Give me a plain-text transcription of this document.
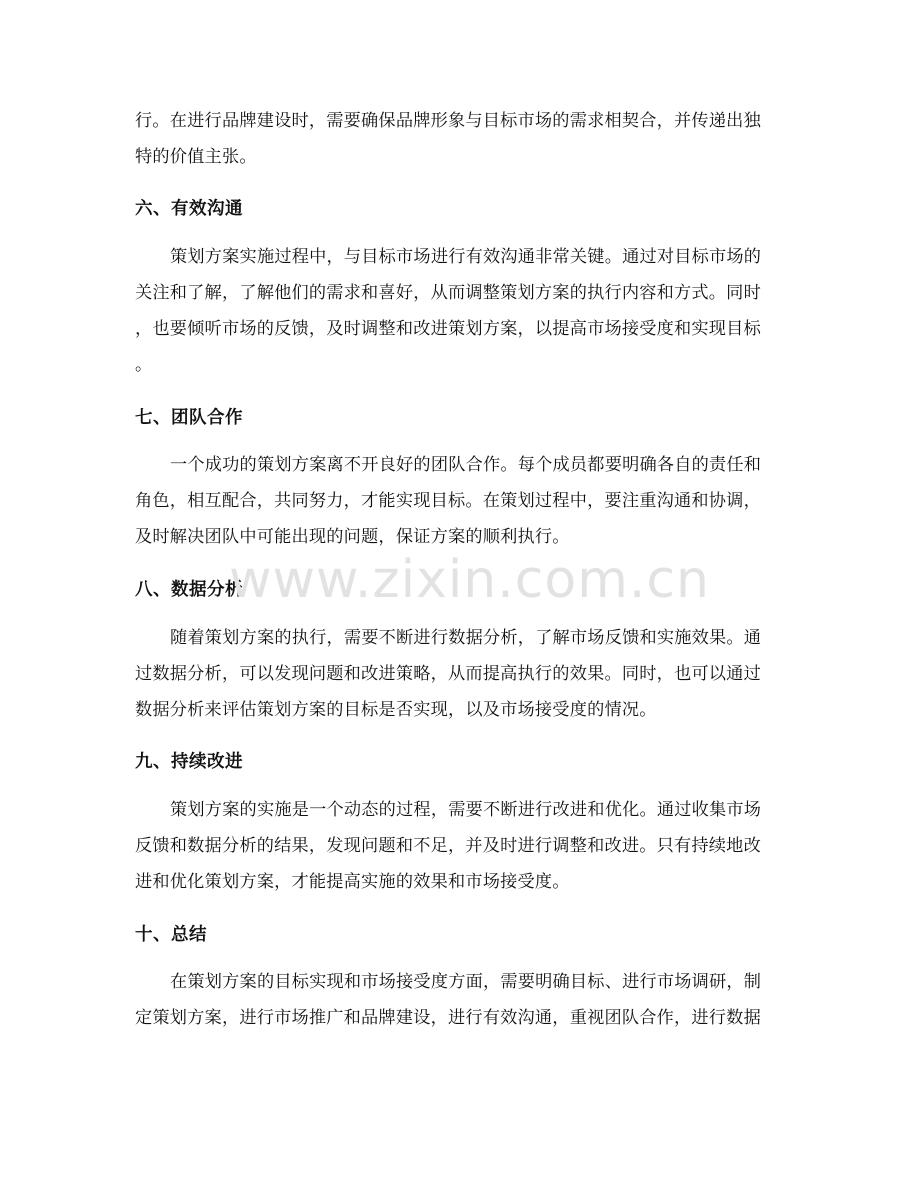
行。在进行品牌建设时，需要确保品牌形象与目标市场的需求相契合，并传递出独
特的价值主张。
六、有效沟通
策划方案实施过程中，与目标市场进行有效沟通非常关键。通过对目标市场的
关注和了解，了解他们的需求和喜好，从而调整策划方案的执行内容和方式。同时
，也要倾听市场的反馈，及时调整和改进策划方案，以提高市场接受度和实现目标
。
七、团队合作
一个成功的策划方案离不开良好的团队合作。每个成员都要明确各自的责任和
角色，相互配合，共同努力，才能实现目标。在策划过程中，要注重沟通和协调，
及时解决团队中可能出现的问题，保证方案的顺利执行。
八、数据分析
随着策划方案的执行，需要不断进行数据分析，了解市场反馈和实施效果。通
过数据分析，可以发现问题和改进策略，从而提高执行的效果。同时，也可以通过
数据分析来评估策划方案的目标是否实现，以及市场接受度的情况。
九、持续改进
策划方案的实施是一个动态的过程，需要不断进行改进和优化。通过收集市场
反馈和数据分析的结果，发现问题和不足，并及时进行调整和改进。只有持续地改
进和优化策划方案，才能提高实施的效果和市场接受度。
十、总结
在策划方案的目标实现和市场接受度方面，需要明确目标、进行市场调研，制
定策划方案，进行市场推广和品牌建设，进行有效沟通，重视团队合作，进行数据
www.zixin.com.cn
